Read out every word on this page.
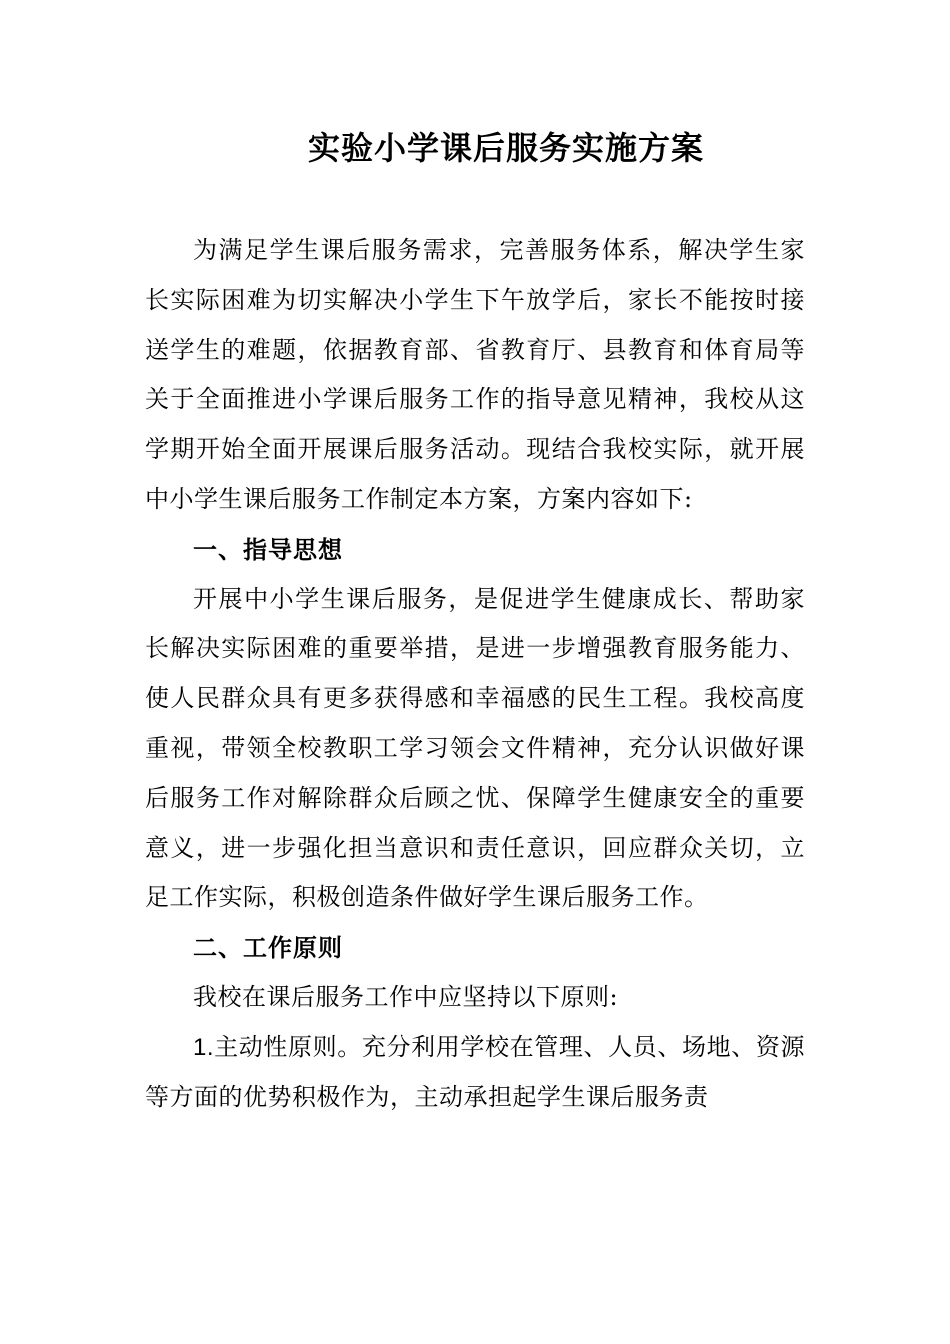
实验小学课后服务实施方案

为满足学生课后服务需求，完善服务体系，解决学生家长实际困难为切实解决小学生下午放学后，家长不能按时接送学生的难题，依据教育部、省教育厅、县教育和体育局等关于全面推进小学课后服务工作的指导意见精神，我校从这学期开始全面开展课后服务活动。现结合我校实际，就开展中小学生课后服务工作制定本方案，方案内容如下:

一、指导思想

开展中小学生课后服务，是促进学生健康成长、帮助家长解决实际困难的重要举措，是进一步增强教育服务能力、使人民群众具有更多获得感和幸福感的民生工程。我校高度重视，带领全校教职工学习领会文件精神，充分认识做好课后服务工作对解除群众后顾之忧、保障学生健康安全的重要意义，进一步强化担当意识和责任意识，回应群众关切，立足工作实际，积极创造条件做好学生课后服务工作。

二、工作原则

我校在课后服务工作中应坚持以下原则:

1.主动性原则。充分利用学校在管理、人员、场地、资源等方面的优势积极作为，主动承担起学生课后服务责
